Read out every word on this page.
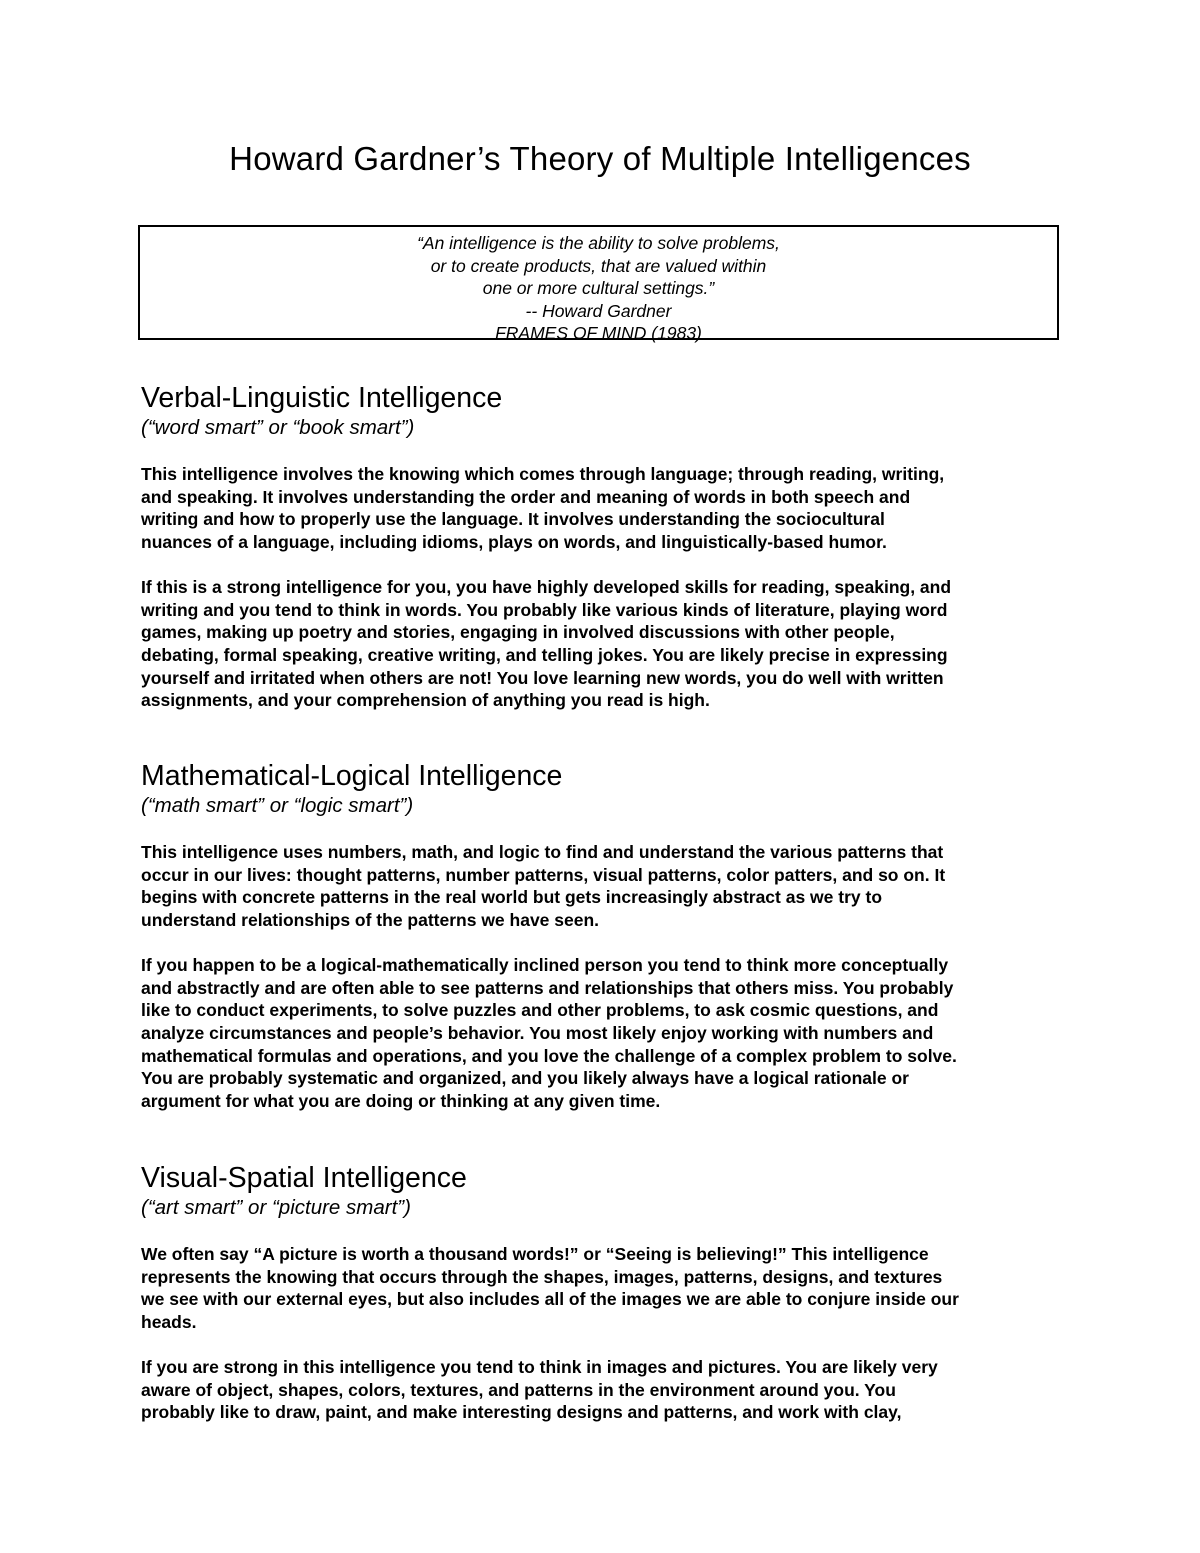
Howard Gardner’s Theory of Multiple Intelligences
“An intelligence is the ability to solve problems,
or to create products, that are valued within
one or more cultural settings.”
-- Howard Gardner
FRAMES OF MIND (1983)
Verbal-Linguistic Intelligence

(“word smart” or “book smart”)

This intelligence involves the knowing which comes through language; through reading, writing,
and speaking. It involves understanding the order and meaning of words in both speech and
writing and how to properly use the language. It involves understanding the sociocultural
nuances of a language, including idioms, plays on words, and linguistically-based humor.

If this is a strong intelligence for you, you have highly developed skills for reading, speaking, and
writing and you tend to think in words. You probably like various kinds of literature, playing word
games, making up poetry and stories, engaging in involved discussions with other people,
debating, formal speaking, creative writing, and telling jokes. You are likely precise in expressing
yourself and irritated when others are not! You love learning new words, you do well with written
assignments, and your comprehension of anything you read is high.

Mathematical-Logical Intelligence

(“math smart” or “logic smart”)

This intelligence uses numbers, math, and logic to find and understand the various patterns that
occur in our lives: thought patterns, number patterns, visual patterns, color patters, and so on. It
begins with concrete patterns in the real world but gets increasingly abstract as we try to
understand relationships of the patterns we have seen.

If you happen to be a logical-mathematically inclined person you tend to think more conceptually
and abstractly and are often able to see patterns and relationships that others miss. You probably
like to conduct experiments, to solve puzzles and other problems, to ask cosmic questions, and
analyze circumstances and people’s behavior. You most likely enjoy working with numbers and
mathematical formulas and operations, and you love the challenge of a complex problem to solve.
You are probably systematic and organized, and you likely always have a logical rationale or
argument for what you are doing or thinking at any given time.

Visual-Spatial Intelligence

(“art smart” or “picture smart”)

We often say “A picture is worth a thousand words!” or “Seeing is believing!” This intelligence
represents the knowing that occurs through the shapes, images, patterns, designs, and textures
we see with our external eyes, but also includes all of the images we are able to conjure inside our
heads.

If you are strong in this intelligence you tend to think in images and pictures. You are likely very
aware of object, shapes, colors, textures, and patterns in the environment around you. You
probably like to draw, paint, and make interesting designs and patterns, and work with clay,
